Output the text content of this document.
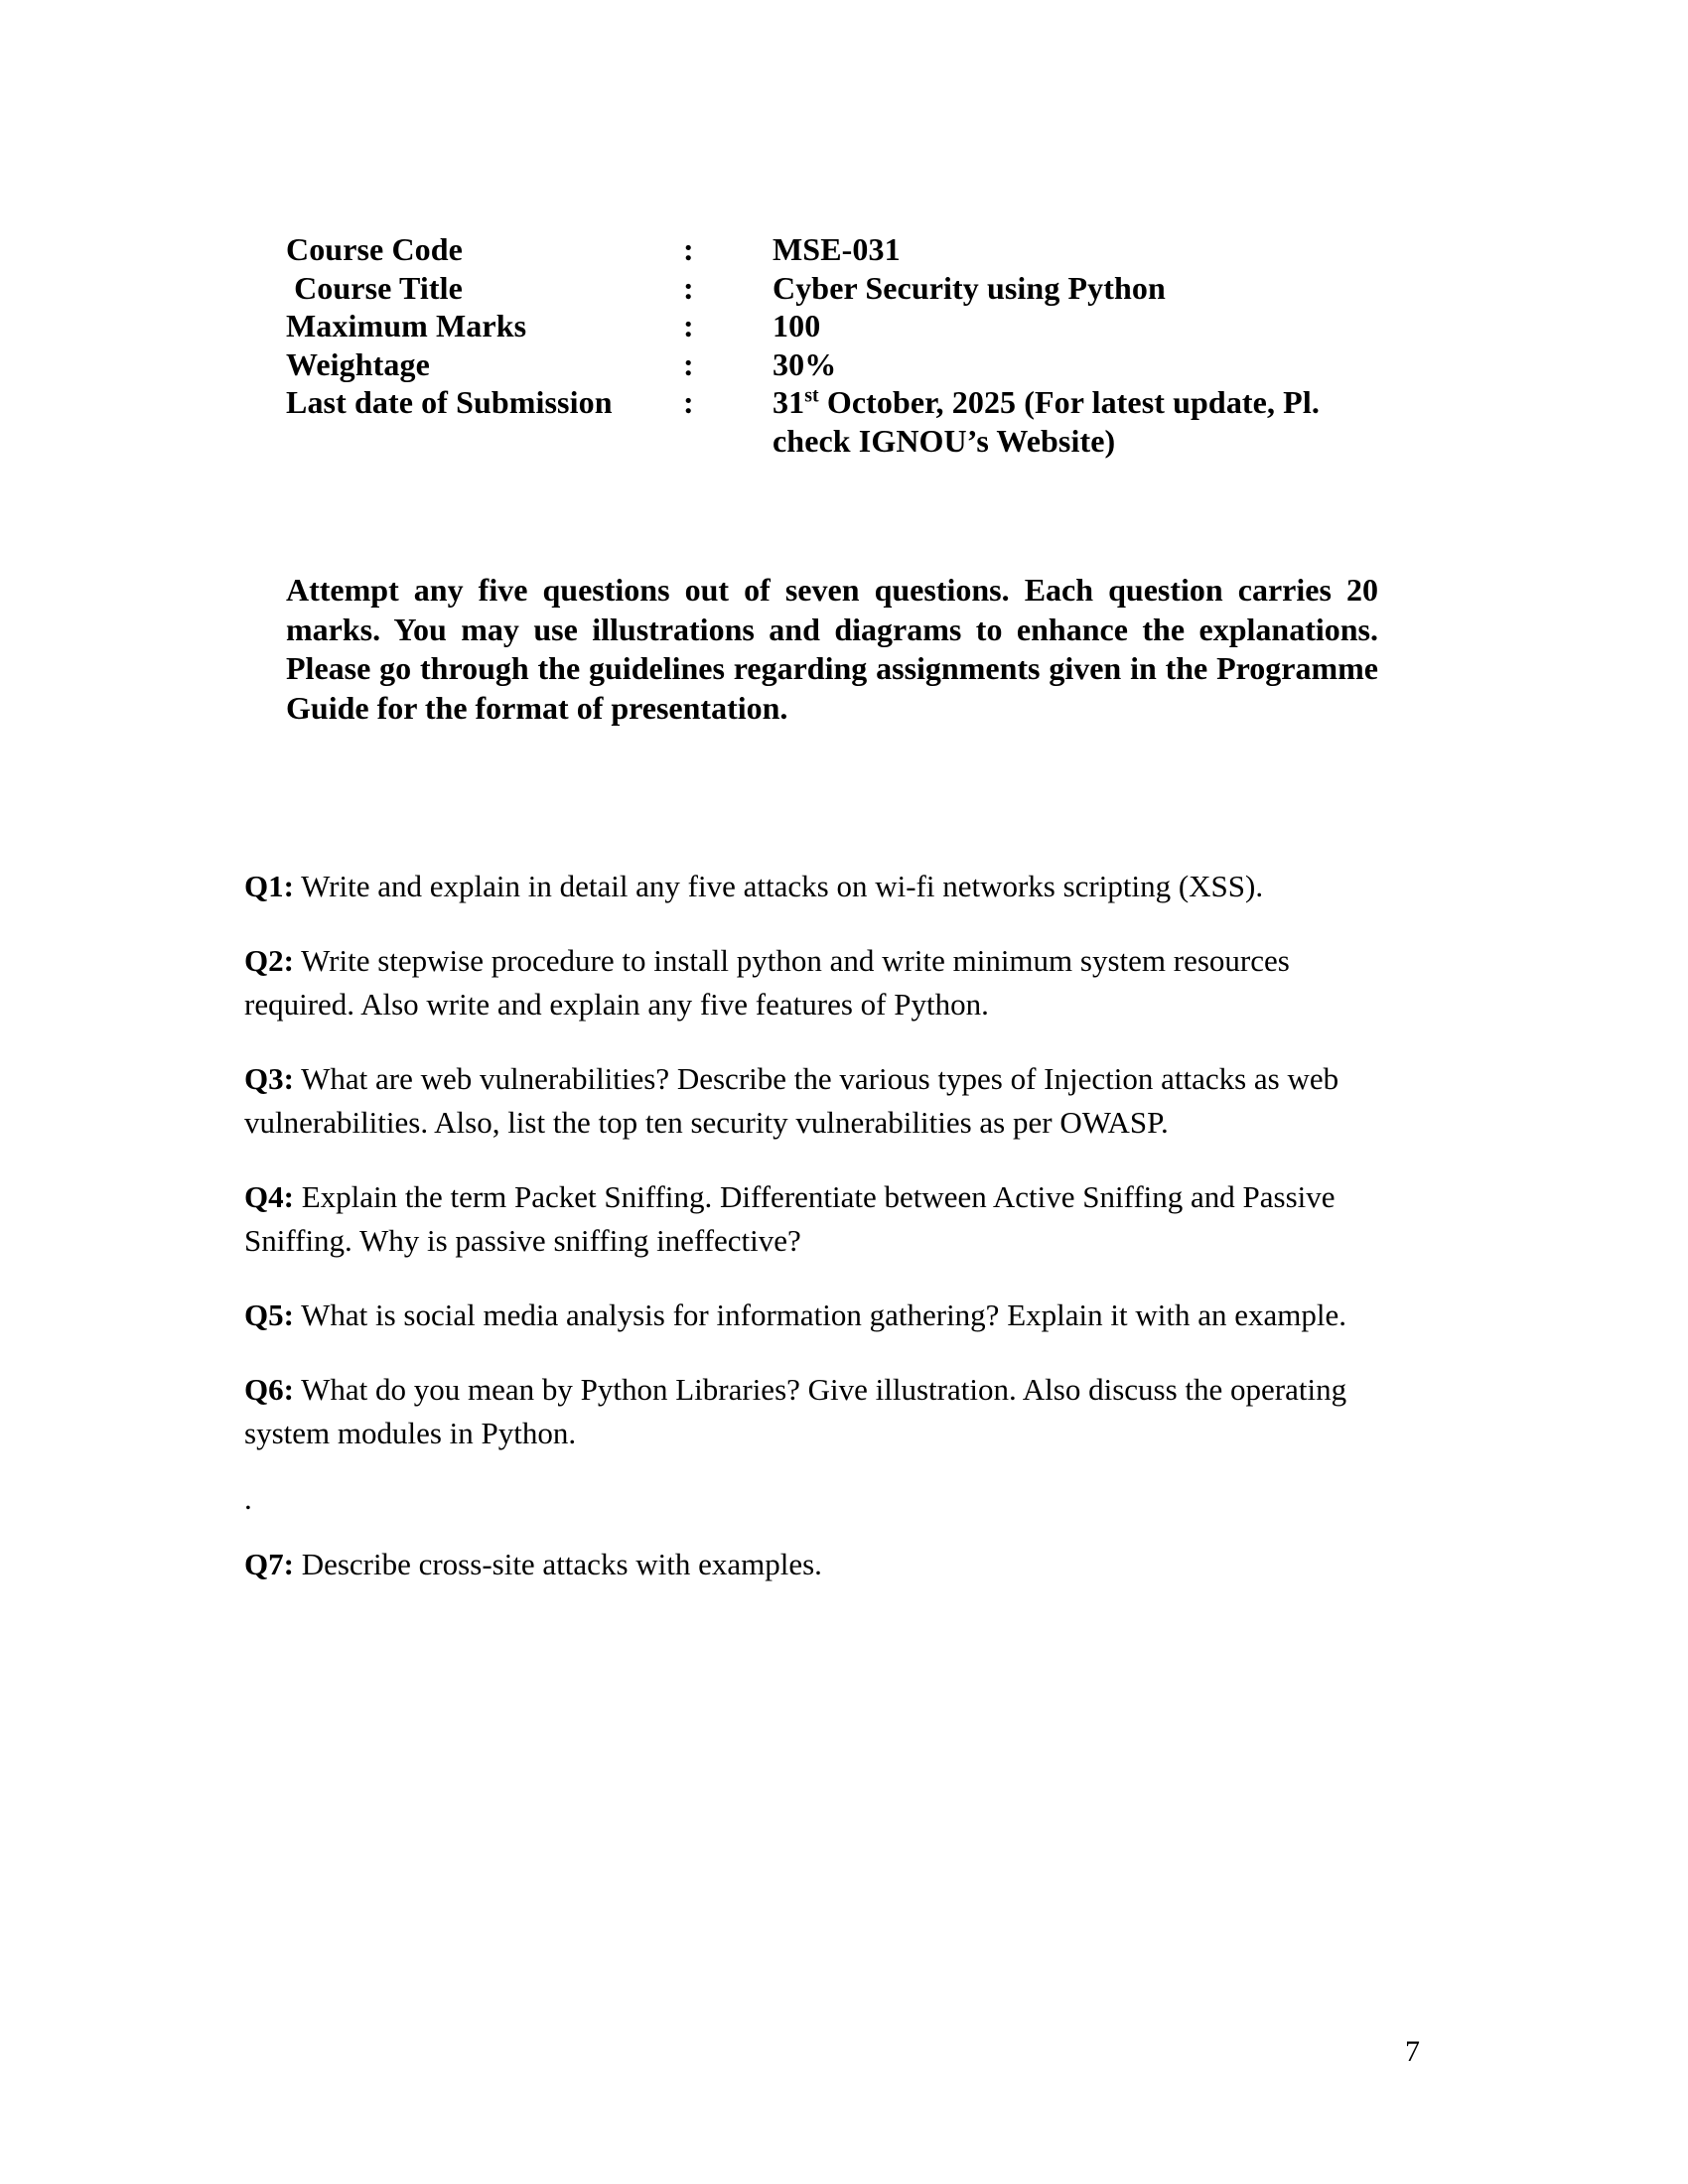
Course Code	:	MSE-031
Course Title	:	Cyber Security using Python
Maximum Marks	:	100
Weightage	:	30%
Last date of Submission	:	31st October, 2025 (For latest update, Pl. check IGNOU’s Website)

Attempt any five questions out of seven questions. Each question carries 20 marks. You may use illustrations and diagrams to enhance the explanations. Please go through the guidelines regarding assignments given in the Programme Guide for the format of presentation.

Q1: Write and explain in detail any five attacks on wi-fi networks scripting (XSS).

Q2: Write stepwise procedure to install python and write minimum system resources required. Also write and explain any five features of Python.

Q3: What are web vulnerabilities? Describe the various types of Injection attacks as web vulnerabilities. Also, list the top ten security vulnerabilities as per OWASP.

Q4: Explain the term Packet Sniffing. Differentiate between Active Sniffing and Passive Sniffing. Why is passive sniffing ineffective?

Q5: What is social media analysis for information gathering? Explain it with an example.

Q6: What do you mean by Python Libraries? Give illustration. Also discuss the operating system modules in Python.

.

Q7: Describe cross-site attacks with examples.

7
